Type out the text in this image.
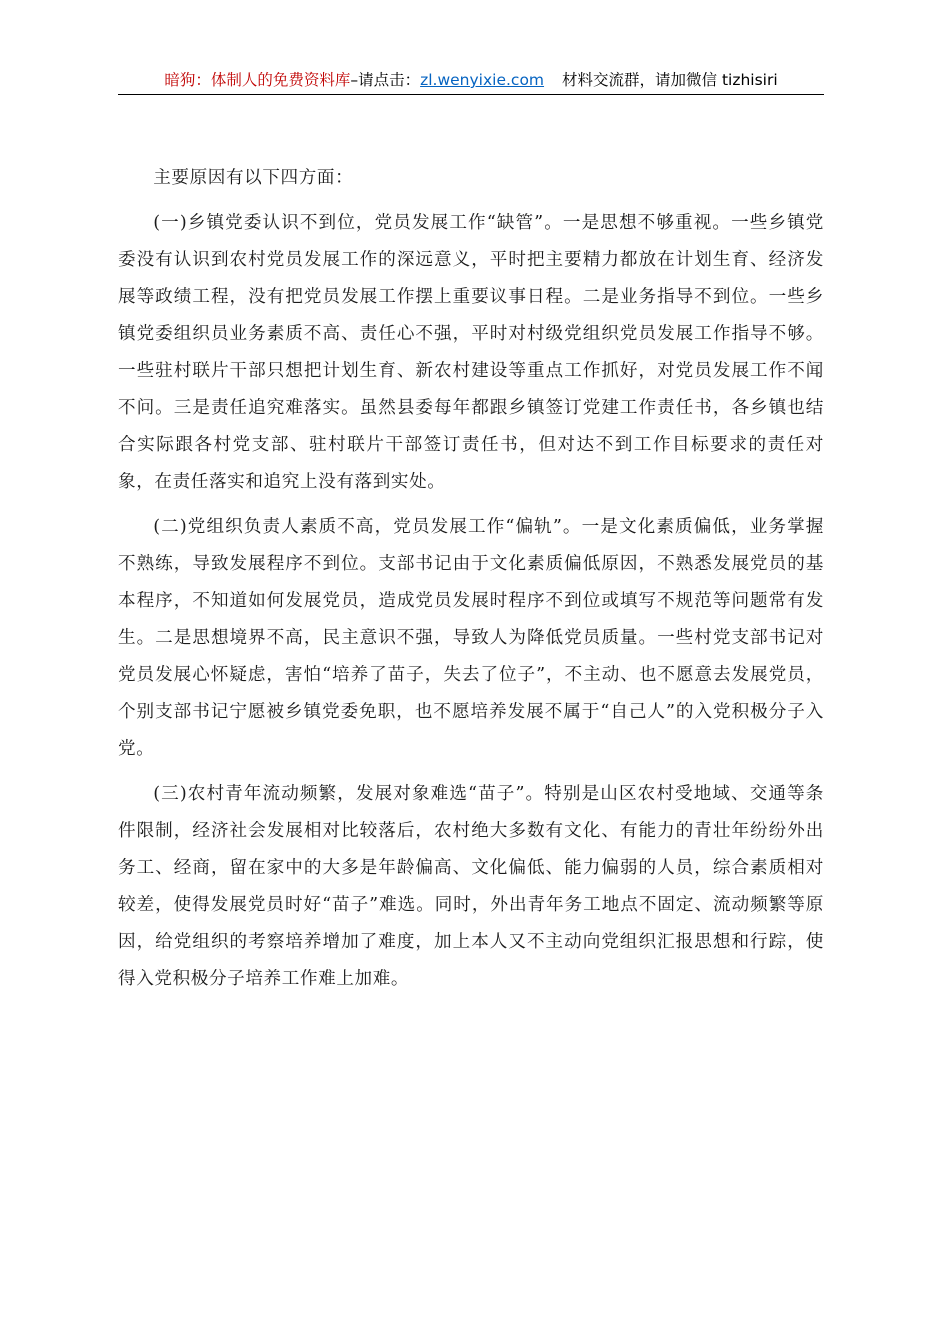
暗狗：体制人的免费资料库–请点击：zl.wenyixie.com 材料交流群，请加微信 tizhisiri

主要原因有以下四方面：

(一)乡镇党委认识不到位，党员发展工作“缺管”。一是思想不够重视。一些乡镇党委没有认识到农村党员发展工作的深远意义，平时把主要精力都放在计划生育、经济发展等政绩工程，没有把党员发展工作摆上重要议事日程。二是业务指导不到位。一些乡镇党委组织员业务素质不高、责任心不强，平时对村级党组织党员发展工作指导不够。一些驻村联片干部只想把计划生育、新农村建设等重点工作抓好，对党员发展工作不闻不问。三是责任追究难落实。虽然县委每年都跟乡镇签订党建工作责任书，各乡镇也结合实际跟各村党支部、驻村联片干部签订责任书，但对达不到工作目标要求的责任对象，在责任落实和追究上没有落到实处。

(二)党组织负责人素质不高，党员发展工作“偏轨”。一是文化素质偏低，业务掌握不熟练，导致发展程序不到位。支部书记由于文化素质偏低原因，不熟悉发展党员的基本程序，不知道如何发展党员，造成党员发展时程序不到位或填写不规范等问题常有发生。二是思想境界不高，民主意识不强，导致人为降低党员质量。一些村党支部书记对党员发展心怀疑虑，害怕“培养了苗子，失去了位子”，不主动、也不愿意去发展党员，个别支部书记宁愿被乡镇党委免职，也不愿培养发展不属于“自己人”的入党积极分子入党。

(三)农村青年流动频繁，发展对象难选“苗子”。特别是山区农村受地域、交通等条件限制，经济社会发展相对比较落后，农村绝大多数有文化、有能力的青壮年纷纷外出务工、经商，留在家中的大多是年龄偏高、文化偏低、能力偏弱的人员，综合素质相对较差，使得发展党员时好“苗子”难选。同时，外出青年务工地点不固定、流动频繁等原因，给党组织的考察培养增加了难度，加上本人又不主动向党组织汇报思想和行踪，使得入党积极分子培养工作难上加难。
